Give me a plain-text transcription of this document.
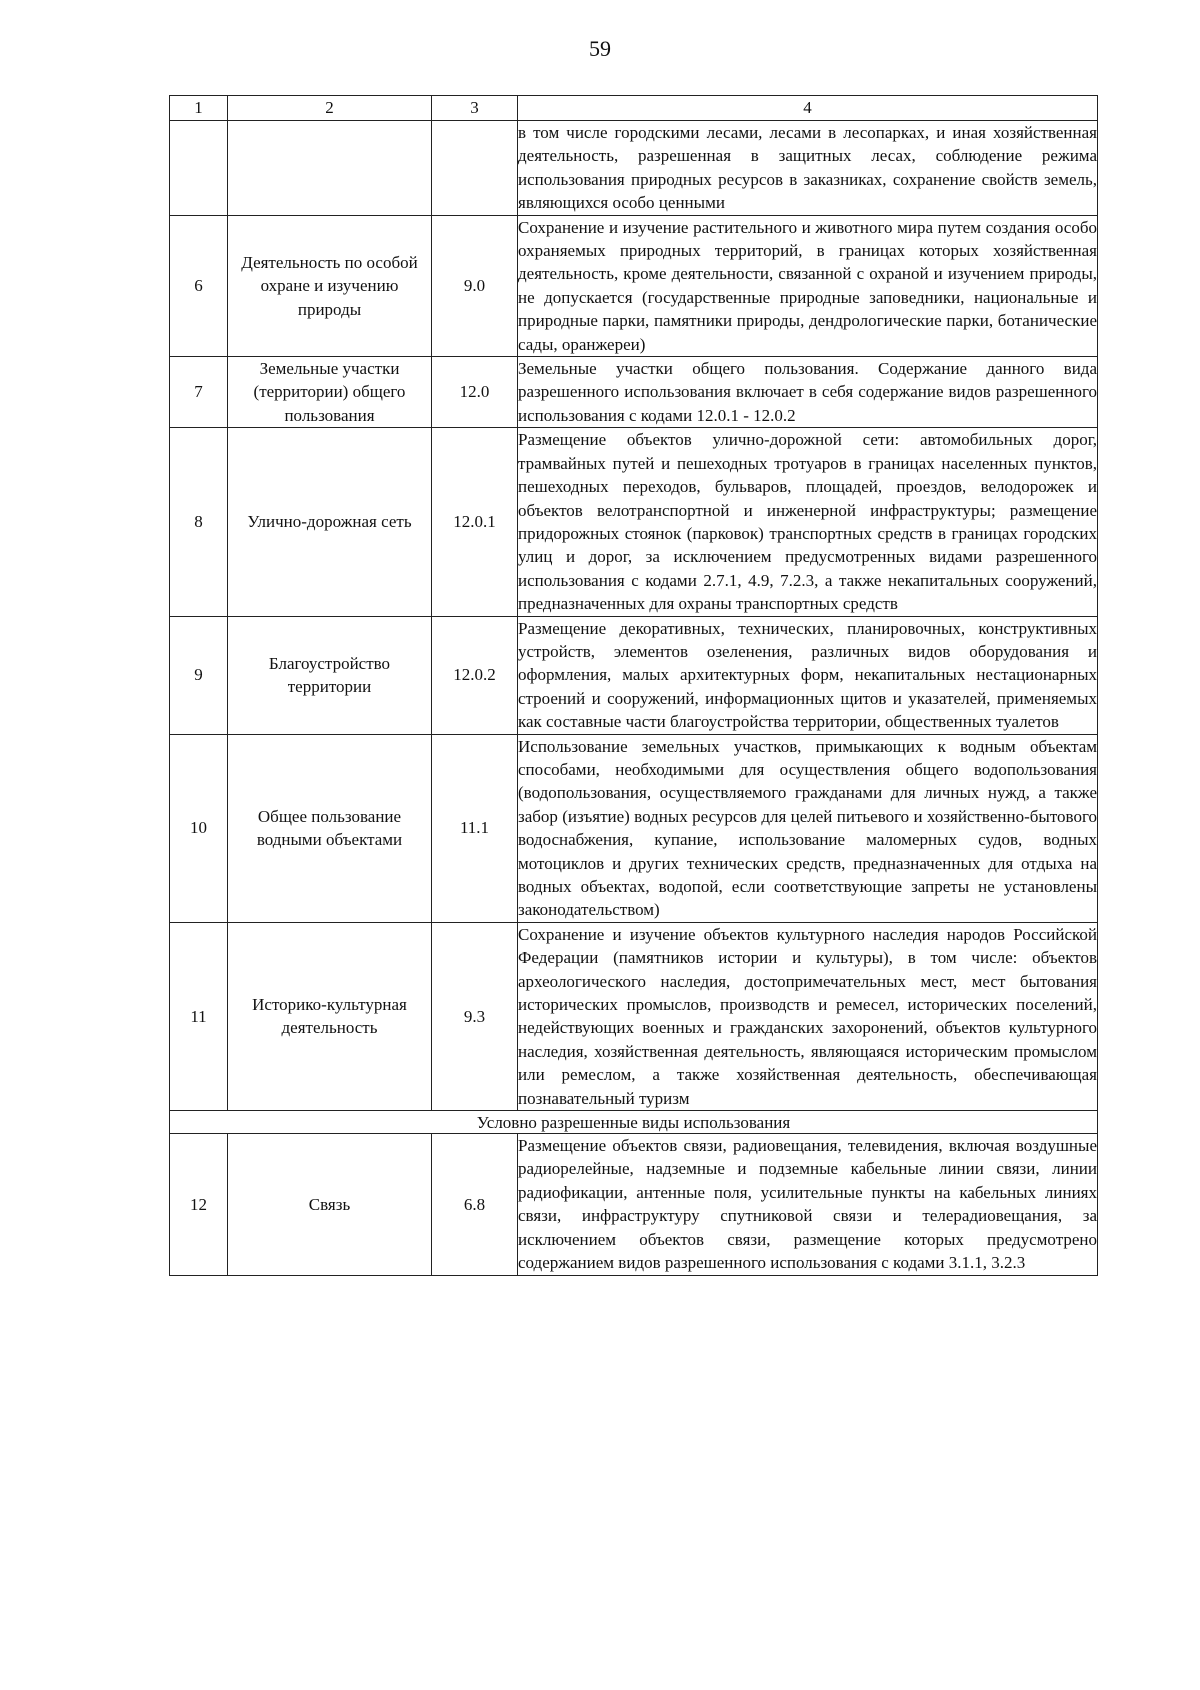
59
1	2	3	4
			в том числе городскими лесами, лесами в лесопарках, и иная хозяйственная деятельность, разрешенная в защитных лесах, соблюдение режима использования природных ресурсов в заказниках, сохранение свойств земель, являющихся особо ценными
6	Деятельность по особой охране и изучению природы	9.0	Сохранение и изучение растительного и животного мира путем создания особо охраняемых природных территорий, в границах которых хозяйственная деятельность, кроме деятельности, связанной с охраной и изучением природы, не допускается (государственные природные заповедники, национальные и природные парки, памятники природы, дендрологические парки, ботанические сады, оранжереи)
7	Земельные участки (территории) общего пользования	12.0	Земельные участки общего пользования. Содержание данного вида разрешенного использования включает в себя содержание видов разрешенного использования с кодами 12.0.1 - 12.0.2
8	Улично-дорожная сеть	12.0.1	Размещение объектов улично-дорожной сети: автомобильных дорог, трамвайных путей и пешеходных тротуаров в границах населенных пунктов, пешеходных переходов, бульваров, площадей, проездов, велодорожек и объектов велотранспортной и инженерной инфраструктуры; размещение придорожных стоянок (парковок) транспортных средств в границах городских улиц и дорог, за исключением предусмотренных видами разрешенного использования с кодами 2.7.1, 4.9, 7.2.3, а также некапитальных сооружений, предназначенных для охраны транспортных средств
9	Благоустройство территории	12.0.2	Размещение декоративных, технических, планировочных, конструктивных устройств, элементов озеленения, различных видов оборудования и оформления, малых архитектурных форм, некапитальных нестационарных строений и сооружений, информационных щитов и указателей, применяемых как составные части благоустройства территории, общественных туалетов
10	Общее пользование водными объектами	11.1	Использование земельных участков, примыкающих к водным объектам способами, необходимыми для осуществления общего водопользования (водопользования, осуществляемого гражданами для личных нужд, а также забор (изъятие) водных ресурсов для целей питьевого и хозяйственно-бытового водоснабжения, купание, использование маломерных судов, водных мотоциклов и других технических средств, предназначенных для отдыха на водных объектах, водопой, если соответствующие запреты не установлены законодательством)
11	Историко-культурная деятельность	9.3	Сохранение и изучение объектов культурного наследия народов Российской Федерации (памятников истории и культуры), в том числе: объектов археологического наследия, достопримечательных мест, мест бытования исторических промыслов, производств и ремесел, исторических поселений, недействующих военных и гражданских захоронений, объектов культурного наследия, хозяйственная деятельность, являющаяся историческим промыслом или ремеслом, а также хозяйственная деятельность, обеспечивающая познавательный туризм
Условно разрешенные виды использования			
12	Связь	6.8	Размещение объектов связи, радиовещания, телевидения, включая воздушные радиорелейные, надземные и подземные кабельные линии связи, линии радиофикации, антенные поля, усилительные пункты на кабельных линиях связи, инфраструктуру спутниковой связи и телерадиовещания, за исключением объектов связи, размещение которых предусмотрено содержанием видов разрешенного использования с кодами 3.1.1, 3.2.3
